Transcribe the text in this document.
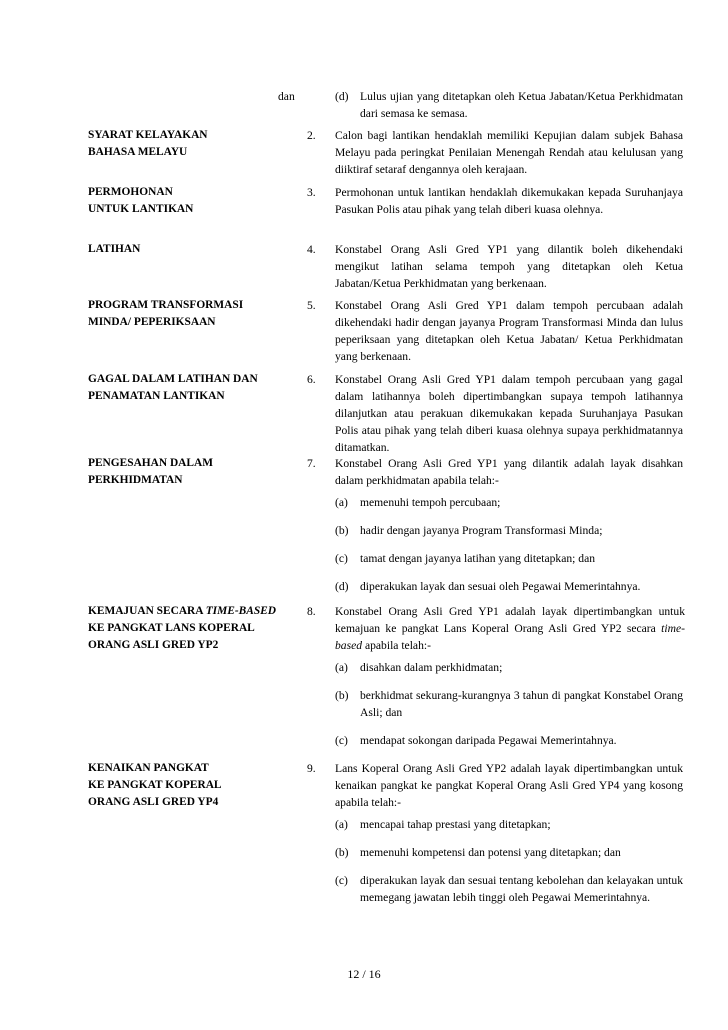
dan	(d) Lulus ujian yang ditetapkan oleh Ketua Jabatan/Ketua Perkhidmatan dari semasa ke semasa.
SYARAT KELAYAKAN
BAHASA MELAYU
2. Calon bagi lantikan hendaklah memiliki Kepujian dalam subjek Bahasa Melayu pada peringkat Penilaian Menengah Rendah atau kelulusan yang diiktiraf setaraf dengannya oleh kerajaan.
PERMOHONAN
UNTUK LANTIKAN
3. Permohonan untuk lantikan hendaklah dikemukakan kepada Suruhanjaya Pasukan Polis atau pihak yang telah diberi kuasa olehnya.
LATIHAN	4. Konstabel Orang Asli Gred YP1 yang dilantik boleh dikehendaki mengikut latihan selama tempoh yang ditetapkan oleh Ketua Jabatan/Ketua Perkhidmatan yang berkenaan.
PROGRAM TRANSFORMASI
MINDA/ PEPERIKSAAN
5. Konstabel Orang Asli Gred YP1 dalam tempoh percubaan adalah dikehendaki hadir dengan jayanya Program Transformasi Minda dan lulus peperiksaan yang ditetapkan oleh Ketua Jabatan/ Ketua Perkhidmatan yang berkenaan.
GAGAL DALAM LATIHAN DAN
PENAMATAN LANTIKAN
6. Konstabel Orang Asli Gred YP1 dalam tempoh percubaan yang gagal dalam latihannya boleh dipertimbangkan supaya tempoh latihannya dilanjutkan atau perakuan dikemukakan kepada Suruhanjaya Pasukan Polis atau pihak yang telah diberi kuasa olehnya supaya perkhidmatannya ditamatkan.
PENGESAHAN DALAM
PERKHIDMATAN
7. Konstabel Orang Asli Gred YP1 yang dilantik adalah layak disahkan dalam perkhidmatan apabila telah:-
(a) memenuhi tempoh percubaan;
(b) hadir dengan jayanya Program Transformasi Minda;
(c) tamat dengan jayanya latihan yang ditetapkan; dan
(d) diperakukan layak dan sesuai oleh Pegawai Memerintahnya.
KEMAJUAN SECARA TIME-BASED
KE PANGKAT LANS KOPERAL
ORANG ASLI GRED YP2
8. Konstabel Orang Asli Gred YP1 adalah layak dipertimbangkan untuk kemajuan ke pangkat Lans Koperal Orang Asli Gred YP2 secara time-based apabila telah:-
(a) disahkan dalam perkhidmatan;
(b) berkhidmat sekurang-kurangnya 3 tahun di pangkat Konstabel Orang Asli; dan
(c) mendapat sokongan daripada Pegawai Memerintahnya.
KENAIKAN PANGKAT
KE PANGKAT KOPERAL
ORANG ASLI GRED YP4
9. Lans Koperal Orang Asli Gred YP2 adalah layak dipertimbangkan untuk kenaikan pangkat ke pangkat Koperal Orang Asli Gred YP4 yang kosong apabila telah:-
(a) mencapai tahap prestasi yang ditetapkan;
(b) memenuhi kompetensi dan potensi yang ditetapkan; dan
(c) diperakukan layak dan sesuai tentang kebolehan dan kelayakan untuk memegang jawatan lebih tinggi oleh Pegawai Memerintahnya.
12 / 16
